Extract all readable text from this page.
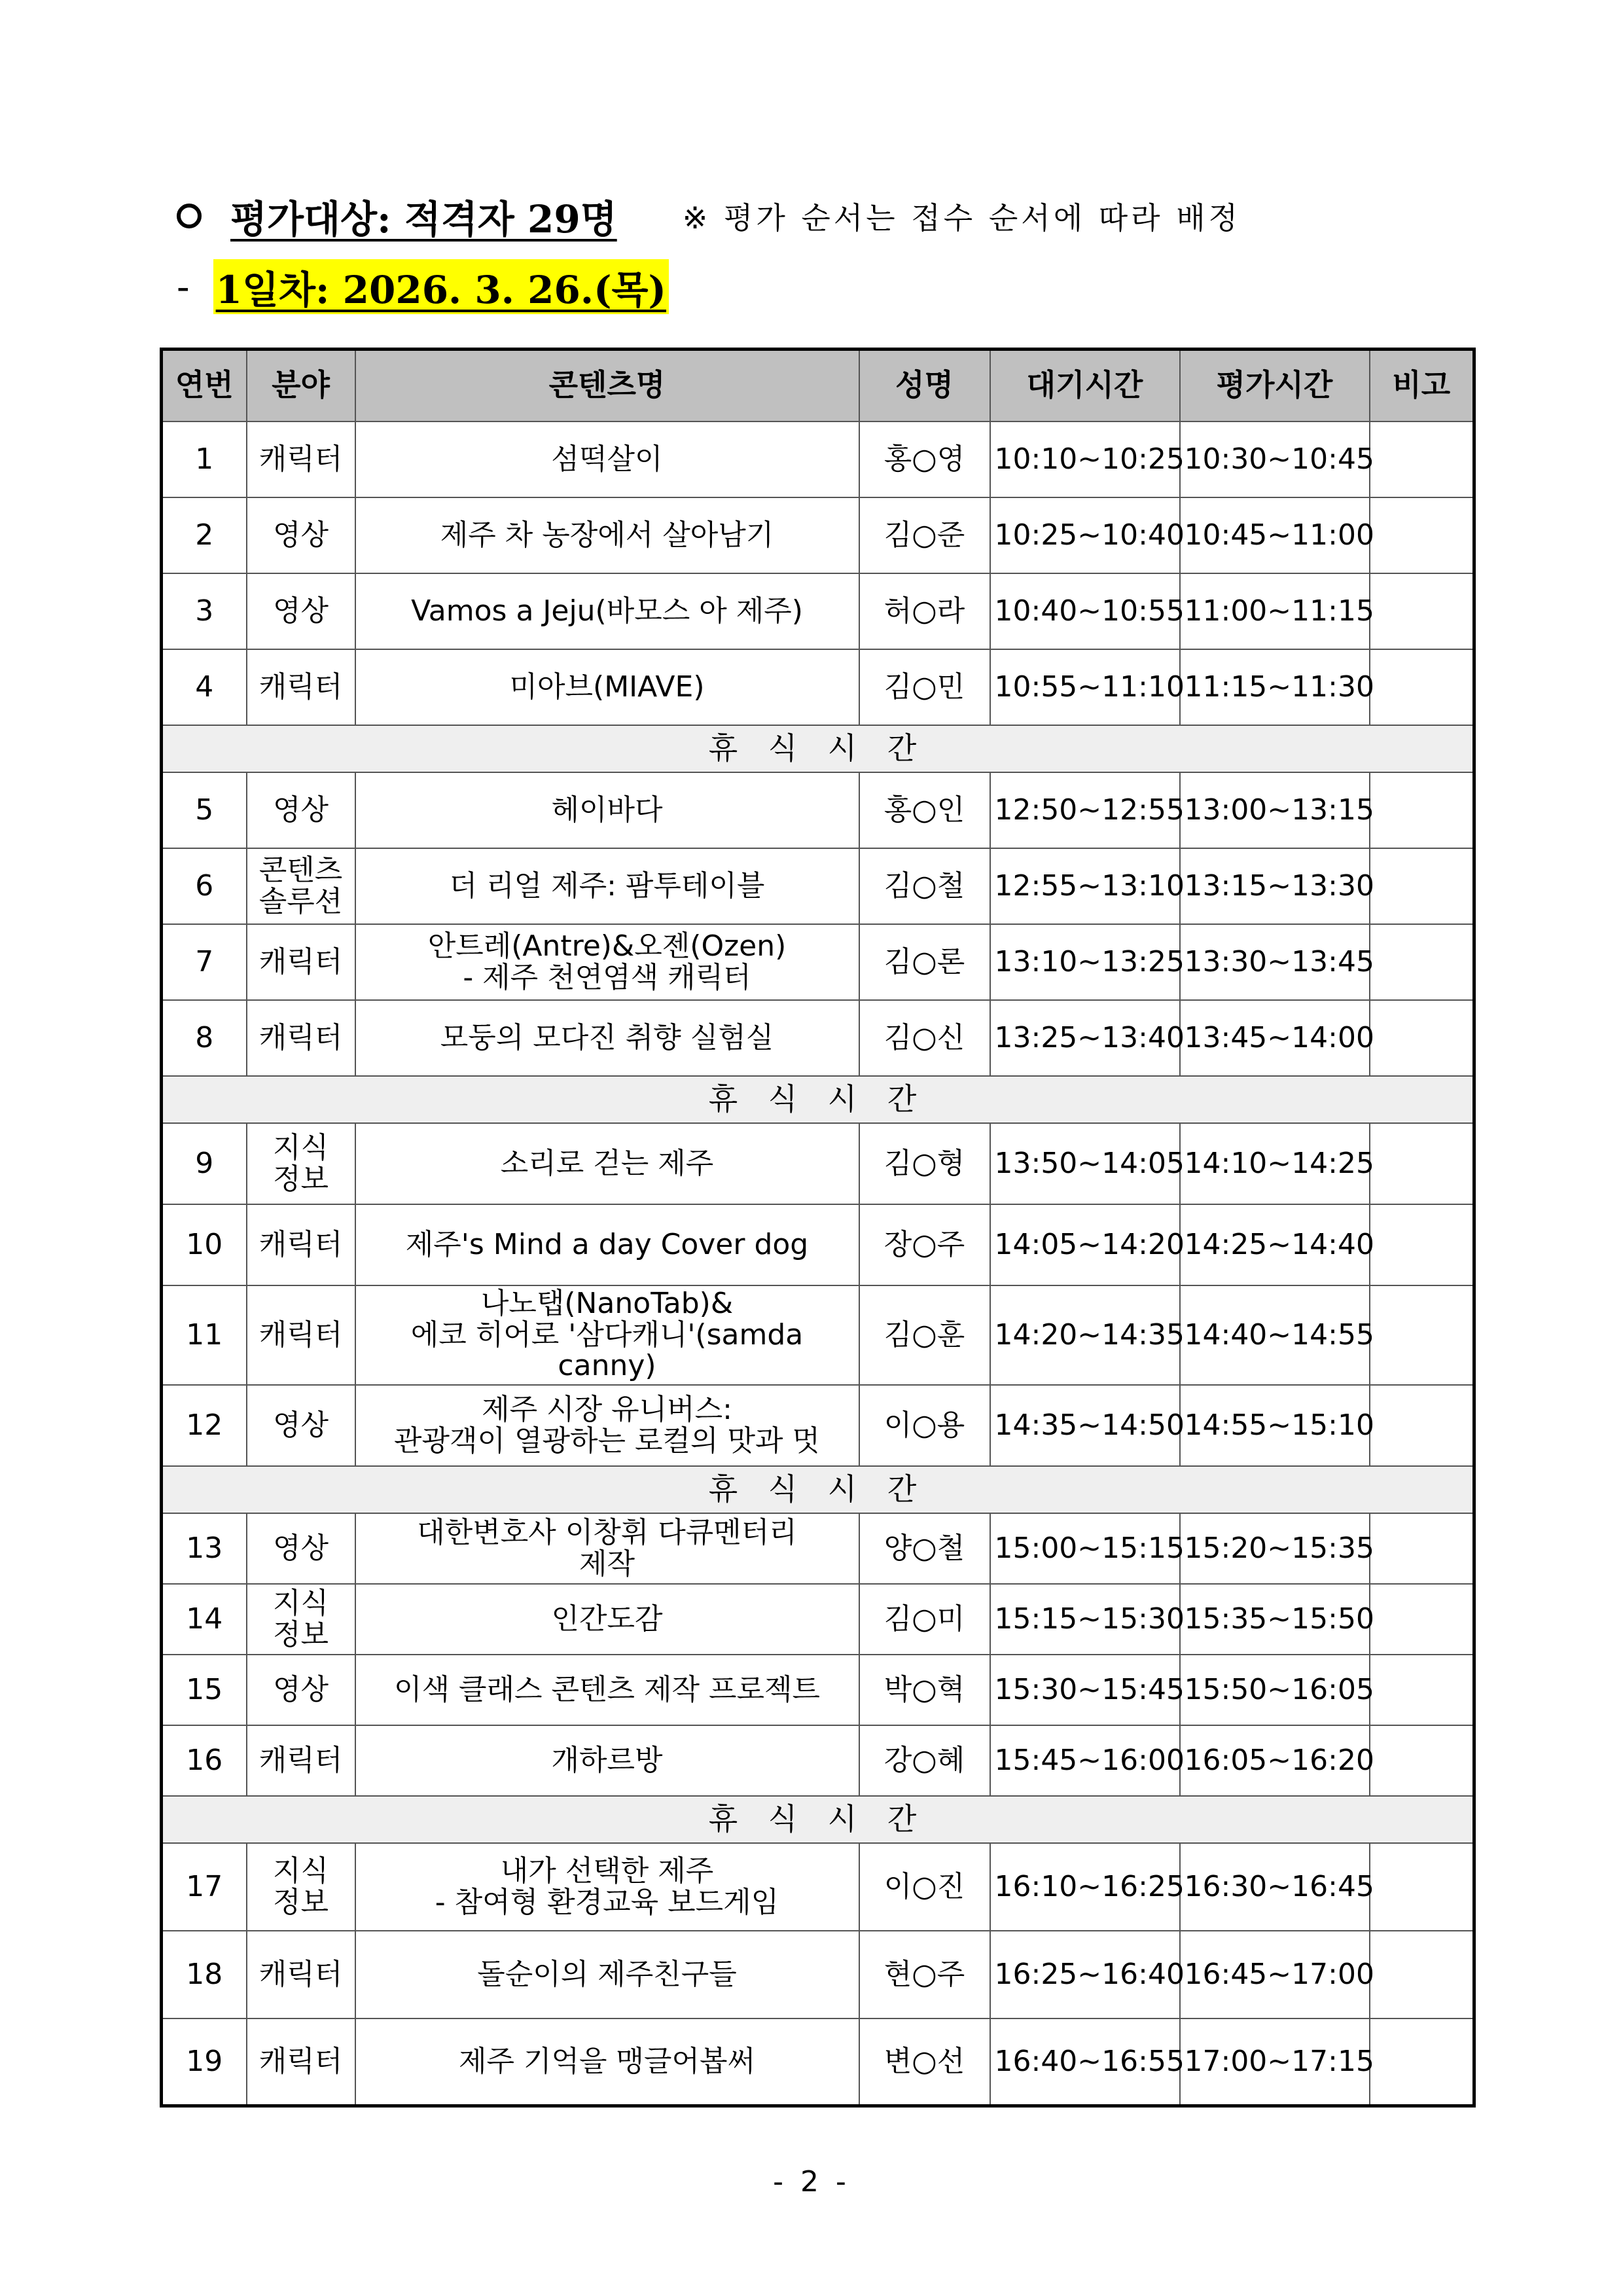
평가대상: 적격자 29명 ※ 평가 순서는 접수 순서에 따라 배정
- 1일차: 2026. 3. 26.(목)
연번	분야	콘텐츠명	성명	대기시간	평가시간	비고
1	캐릭터	섬떡살이	홍○영	10:10~10:25	10:30~10:45	
2	영상	제주 차 농장에서 살아남기	김○준	10:25~10:40	10:45~11:00	
3	영상	Vamos a Jeju(바모스 아 제주)	허○라	10:40~10:55	11:00~11:15	
4	캐릭터	미아브(MIAVE)	김○민	10:55~11:10	11:15~11:30	
휴 식 시 간						
5	영상	헤이바다	홍○인	12:50~12:55	13:00~13:15	
6	콘텐츠
솔루션	더 리얼 제주: 팜투테이블	김○철	12:55~13:10	13:15~13:30	
7	캐릭터	안트레(Antre)&오젠(Ozen)
- 제주 천연염색 캐릭터	김○론	13:10~13:25	13:30~13:45	
8	캐릭터	모둥의 모다진 취향 실험실	김○신	13:25~13:40	13:45~14:00	
휴 식 시 간						
9	지식
정보	소리로 걷는 제주	김○형	13:50~14:05	14:10~14:25	
10	캐릭터	제주's Mind a day Cover dog	장○주	14:05~14:20	14:25~14:40	
11	캐릭터	나노탭(NanoTab)&
에코 히어로 '삼다캐니'(samda
canny)	김○훈	14:20~14:35	14:40~14:55	
12	영상	제주 시장 유니버스:
관광객이 열광하는 로컬의 맛과 멋	이○용	14:35~14:50	14:55~15:10	
휴 식 시 간						
13	영상	대한변호사 이창휘 다큐멘터리
제작	양○철	15:00~15:15	15:20~15:35	
14	지식
정보	인간도감	김○미	15:15~15:30	15:35~15:50	
15	영상	이색 클래스 콘텐츠 제작 프로젝트	박○혁	15:30~15:45	15:50~16:05	
16	캐릭터	개하르방	강○혜	15:45~16:00	16:05~16:20	
휴 식 시 간						
17	지식
정보	내가 선택한 제주
- 참여형 환경교육 보드게임	이○진	16:10~16:25	16:30~16:45	
18	캐릭터	돌순이의 제주친구들	현○주	16:25~16:40	16:45~17:00	
19	캐릭터	제주 기억을 맹글어봅써	변○선	16:40~16:55	17:00~17:15	
- 2 -
